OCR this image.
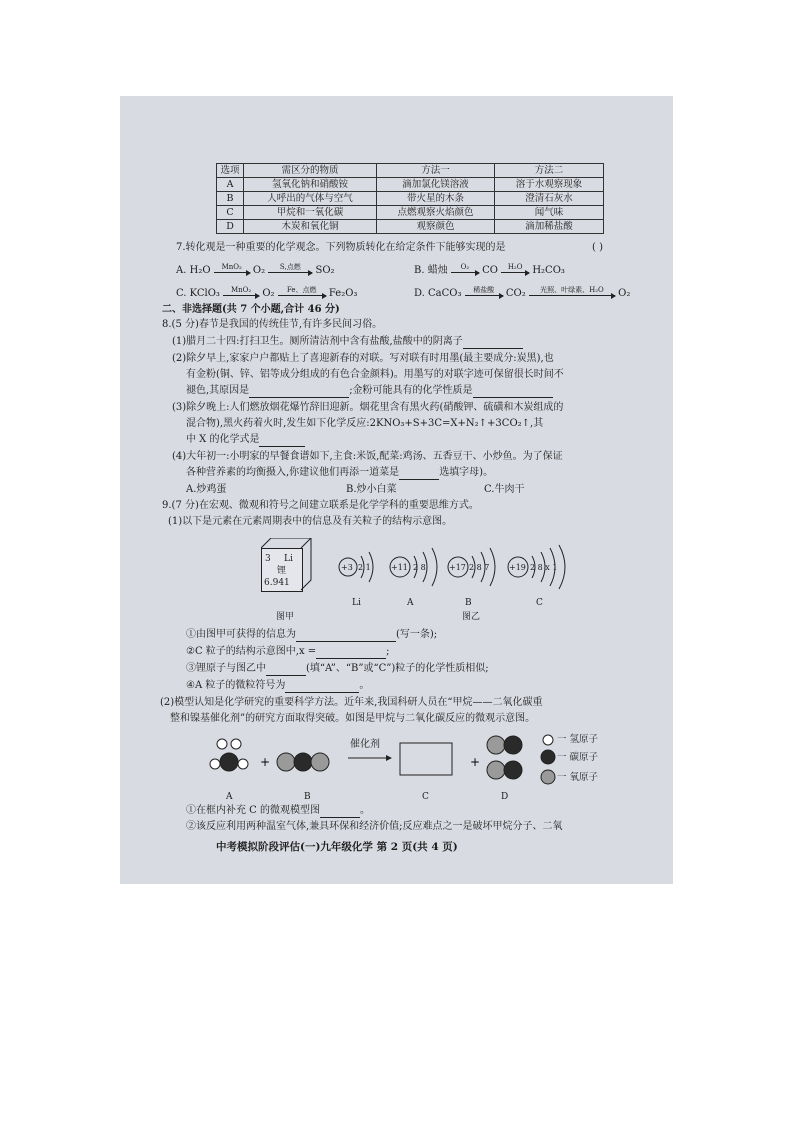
选项	需区分的物质	方法一	方法二
A	氢氧化钠和硝酸铵	滴加氯化镁溶液	溶于水观察现象
B	人呼出的气体与空气	带火星的木条	澄清石灰水
C	甲烷和一氧化碳	点燃观察火焰颜色	闻气味
D	木炭和氧化铜	观察颜色	滴加稀盐酸
7.转化观是一种重要的化学观念。下列物质转化在给定条件下能够实现的是	( )
A. H₂O	MnO₂	O₂	S,点燃	SO₂	B. 蜡烛	O₂	CO	H₂O H₂CO₃
C. KClO₃	MnO₂	O₂	Fe、点燃	Fe₂O₃	D. CaCO₃	稀盐酸	CO₂	光照、叶绿素、H₂O	O₂
二、非选择题(共 7 个小题,合计 46 分)
8.(5 分)春节是我国的传统佳节,有许多民间习俗。
(1)腊月二十四:打扫卫生。厕所清洁剂中含有盐酸,盐酸中的阴离子
(2)除夕早上,家家户户都贴上了喜迎新春的对联。写对联有时用墨(最主要成分:炭黑),也
有金粉(铜、锌、铝等成分组成的有色合金颜料)。用墨写的对联字迹可保留很长时间不
褪色,其原因是	;金粉可能具有的化学性质是
(3)除夕晚上:人们燃放烟花爆竹辞旧迎新。烟花里含有黑火药(硝酸钾、硫磺和木炭组成的
混合物),黑火药着火时,发生如下化学反应:2KNO₃+S+3C=X+N₂↑+3CO₂↑,其
中 X 的化学式是
(4)大年初一:小明家的早餐食谱如下,主食:米饭,配菜:鸡汤、五香豆干、小炒鱼。为了保证
各种营养素的均衡摄入,你建议他们再添一道菜是	选填字母)。
A.炒鸡蛋	B.炒小白菜	C.牛肉干
9.(7 分)在宏观、微观和符号之间建立联系是化学学科的重要思维方式。
(1)以下是元素在元素周期表中的信息及有关粒子的结构示意图。
3 Li
锂
6.941
+3 2 1	+11 2 8	+17 2 8 7 +19 2 8 x 1
Li	A	B	C
图甲	图乙
①由图甲可获得的信息为	(写一条);
②C 粒子的结构示意图中,x =	;
③锂原子与图乙中	(填“A”、“B”或“C”)粒子的化学性质相似;
④A 粒子的微粒符号为	。
(2)模型认知是化学研究的重要科学方法。近年来,我国科研人员在“甲烷——二氧化碳重
整和镍基催化剂”的研究方面取得突破。如图是甲烷与二氧化碳反应的微观示意图。
+	+
催化剂	一 氢原子
一 碳原子
一 氧原子
A	B	C	D
①在框内补充 C 的微观模型图	。
②该反应利用两种温室气体,兼具环保和经济价值;反应难点之一是破坏甲烷分子、二氧
中考模拟阶段评估(一)九年级化学 第 2 页(共 4 页)
